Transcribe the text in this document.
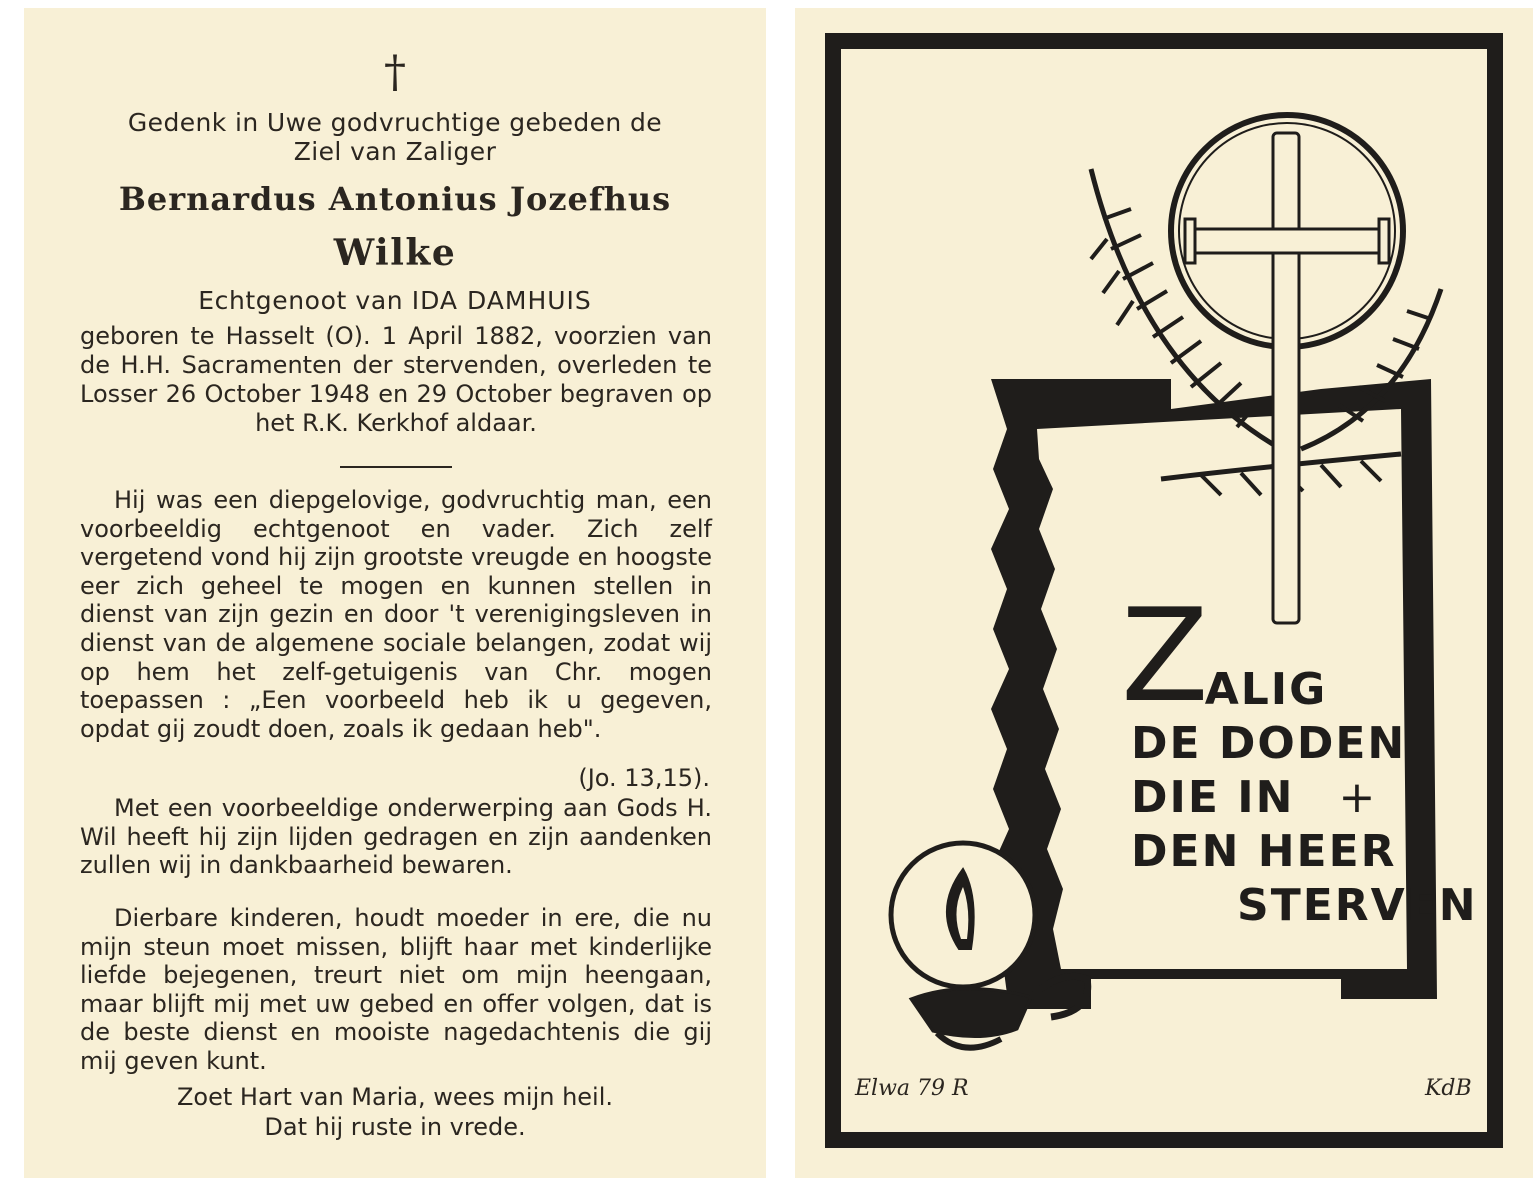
†
Gedenk in Uwe godvruchtige gebeden de
Ziel van Zaliger
Bernardus Antonius Jozefhus
Wilke
Echtgenoot van IDA DAMHUIS
geboren te Hasselt (O). 1 April 1882, voorzien van de H.H. Sacramenten der stervenden, overleden te Losser 26 October 1948 en 29 October begraven op het R.K. Kerkhof aldaar.
Hij was een diepgelovige, godvruchtig man, een voorbeeldig echtgenoot en vader. Zich zelf vergetend vond hij zijn grootste vreugde en hoogste eer zich geheel te mogen en kunnen stellen in dienst van zijn gezin en door 't verenigingsleven in dienst van de algemene sociale belangen, zodat wij op hem het zelf-getuigenis van Chr. mogen toepassen : „Een voorbeeld heb ik u gegeven, opdat gij zoudt doen, zoals ik gedaan heb".
(Jo. 13,15).
Met een voorbeeldige onderwerping aan Gods H. Wil heeft hij zijn lijden gedragen en zijn aandenken zullen wij in dankbaarheid bewaren.
Dierbare kinderen, houdt moeder in ere, die nu mijn steun moet missen, blijft haar met kinderlijke liefde bejegenen, treurt niet om mijn heengaan, maar blijft mij met uw gebed en offer volgen, dat is de beste dienst en mooiste nagedachtenis die gij mij geven kunt.
Zoet Hart van Maria, wees mijn heil.
Dat hij ruste in vrede.
ZALIG
DE DODEN
DIE IN +
DEN HEER
STERVEN
Elwa 79 R	KdB
